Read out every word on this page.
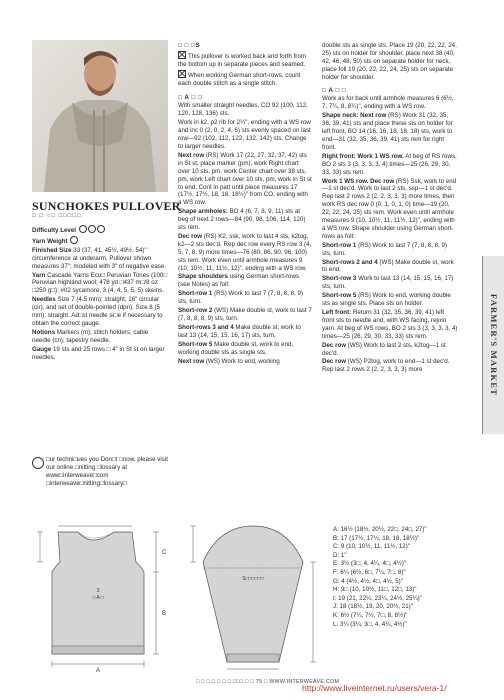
SUNCHOKES PULLOVER
□ □ ○□ □□□□□

Difficulty Level

Yarn Weight

Finished Size 33 (37, 41, 45½, 49½, 54)" circumference at underarm. Pullover shown measures 37"; modeled with 3" of negative ease.

Yarn Cascade Yarns Eco□ Peruvian Tones (100□ Peruvian highland wool; 478 yd □437 m□/8 oz □250 g□): #02 sycamore, 3 (4, 4, 5, 5, 5) skeins.

Needles Size 7 (4.5 mm): straight, 16" circular (cir), and set of double-pointed (dpn). Size 8 (5 mm): straight. Ad□st needle si□e if necessary to obtain the correct gauge.

Notions Markers (m); stitch holders; cable needle (cn); tapestry needle.

Gauge 19 sts and 25 rows □ 4" in St st on larger needles.

□ur techni□ues you Don□t □now, please visit our online □nitting □lossary at www□interweave□com □interweave□nitting□lossary□

□ □ □S

This pullover is worked back and forth from the bottom up in separate pieces and seamed.

When working German short-rows, count each double stitch as a single stitch.

□ A □ □

With smaller straight needles, CO 92 (100, 112, 120, 128, 136) sts.

Work in k2, p2 rib for 2¼", ending with a WS row and inc 0 (2, 0, 2, 4, 6) sts evenly spaced on last row—92 (102, 112, 122, 132, 142) sts. Change to larger needles.

Next row (RS) Work 17 (22, 27, 32, 37, 42) sts in St st, place marker (pm), work Right chart over 10 sts, pm, work Center chart over 38 sts, pm, work Left chart over 10 sts, pm, work in St st to end. Cont in patt until piece measures 17 (17½, 17½, 18, 18, 18½)" from CO, ending with a WS row.

Shape armholes: BO 4 (6, 7, 8, 9, 11) sts at beg of next 2 rows—84 (90, 98, 106, 114, 120) sts rem.

Dec row (RS) K2, ssk, work to last 4 sts, k2tog, k2—2 sts dec'd. Rep dec row every RS row 3 (4, 5, 7, 8, 9) more times—76 (80, 86, 90, 96, 100) sts rem. Work even until armhole measures 9 (10, 10½, 11, 11½, 12)", ending with a WS row.

Shape shoulders using German short-rows (see Notes) as foll:

Short-row 1 (RS) Work to last 7 (7, 8, 8, 8, 9) sts, turn.

Short-row 2 (WS) Make double st, work to last 7 (7, 8, 8, 8, 9) sts, turn.

Short-rows 3 and 4 Make double st, work to last 13 (14, 15, 15, 16, 17) sts, turn.

Short-row 5 Make double st, work to end, working double sts as single sts.

Next row (WS) Work to end, working

double sts as single sts. Place 19 (20, 22, 22, 24, 25) sts on holder for shoulder, place next 38 (40, 42, 46, 48, 50) sts on separate holder for neck, place foll 19 (20, 22, 22, 24, 25) sts on separate holder for shoulder.

□ A □ □

Work as for back until armhole measures 6 (6½, 7, 7¼, 8, 8¼)", ending with a WS row.

Shape neck: Next row (RS) Work 31 (32, 35, 36, 39, 41) sts and place these sts on holder for left front, BO 14 (16, 16, 18, 18, 18) sts, work to end—31 (32, 35, 36, 39, 41) sts rem for right front.

Right front: Work 1 WS row. At beg of RS rows, BO 2 sts 3 (3, 3, 3, 3, 4) times—25 (26, 29, 30, 33, 33) sts rem.

Work 1 WS row. Dec row (RS) Ssk, work to end—1 st dec'd. Work to last 2 sts, ssp—1 st dec'd. Rep last 2 rows 2 (2, 2, 3, 3, 3) more times, then work RS dec row 0 (0, 1, 0, 1, 0) time—19 (20, 22, 22, 24, 25) sts rem. Work even until armhole measures 9 (10, 10½, 11, 11½, 12)", ending with a WS row. Shape shoulder using German short-rows as foll:

Short-row 1 (RS) Work to last 7 (7, 8, 8, 8, 9) sts, turn.

Short-rows 2 and 4 (WS) Make double st, work to end.

Short-row 3 Work to last 13 (14, 15, 15, 16, 17) sts, turn.

Short-row 5 (RS) Work to end, working double sts as single sts. Place sts on holder.

Left front: Return 31 (32, 35, 36, 39, 41) left front sts to needle and, with WS facing, rejoin yarn. At beg of WS rows, BO 2 sts 3 (3, 3, 3, 3, 4) times—25 (26, 29, 30, 33, 33) sts rem.

Dec row (WS) Work to last 2 sts, k2tog—1 st dec'd.

Dec row (WS) P2tog, work to end—1 st dec'd. Rep last 2 rows 2 (2, 2, 3, 3, 3) more	FARMER'S MARKET
A
B
C
3
□ A □
S□□□□□□
A: 16½ (18½, 20½, 22□, 24□, 27)"
B: 17 (17½, 17½, 18, 18, 18½)"
C: 9 (10, 10½, 11, 11½, 12)"
D: 1"
E: 3½ (3□, 4, 4¼, 4□, 4½)"
F: 6¼ (6½, 6□, 7¼, 7□, 8)"
G: 4 (4½, 4½, 4□, 4½, 5)"
H: 9□ (10, 10½, 11□, 12□, 13)"
I: 19 (21, 22¼, 23¼, 24½, 25¼)"
J: 18 (18½, 19, 20, 20½, 21)"
K: 6½ (7¼, 7½, 7□, 8, 8½)"
L: 3¼ (3¼, 3□, 4, 4¼, 4½)"
□ □ □ □ □ □ □ □□□ □ □ 75 □ WWW.INTERWEAVE.COM
http://www.liveinternet.ru/users/vera-1/
